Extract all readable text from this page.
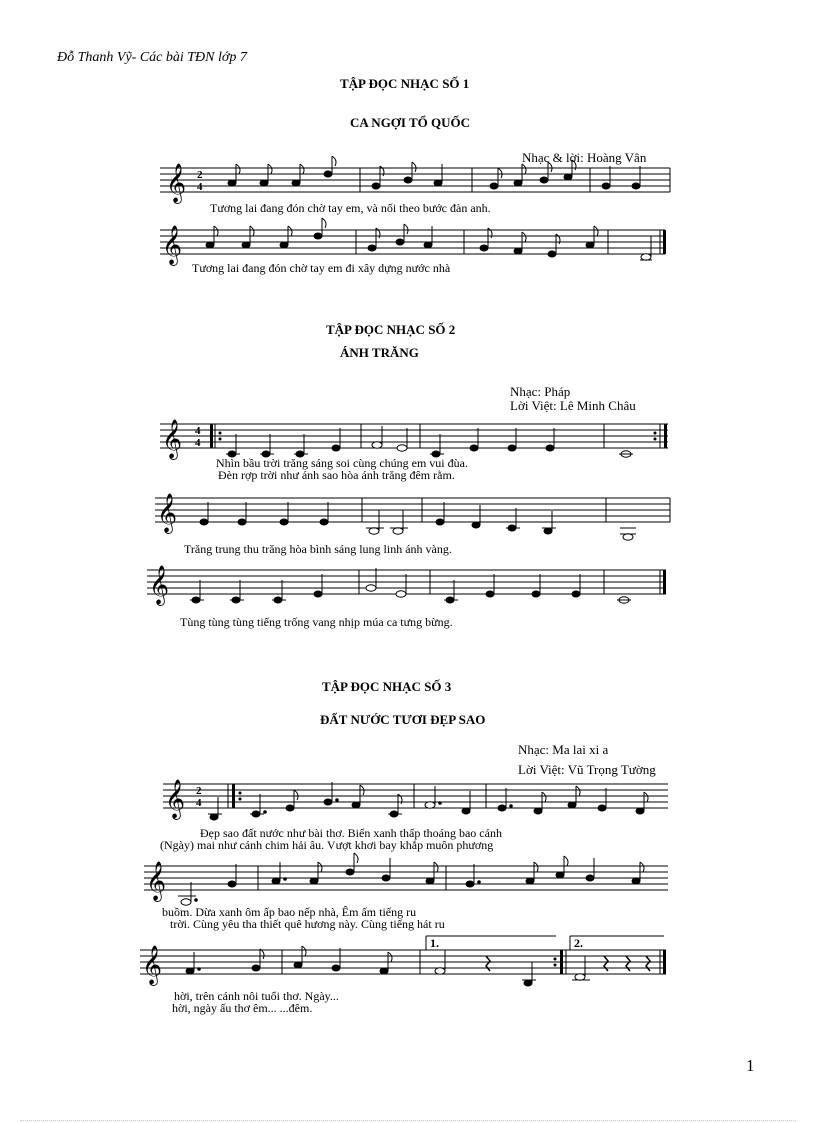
Đỗ Thanh Vỹ- Các bài TĐN lớp 7
TẬP ĐỌC NHẠC SỐ 1
CA NGỢI TỔ QUỐC
Nhạc & lời: Hoàng Vân
𝄞 2
4
Tương lai đang đón chờ tay em, và nối theo bước đàn anh.
𝄞
Tương lai đang đón chờ tay em đi xây dựng nước nhà
TẬP ĐỌC NHẠC SỐ 2
ÁNH TRĂNG
Nhạc: Pháp
Lời Việt: Lê Minh Châu
𝄞 4
4
Nhìn bầu trời trăng sáng soi cùng chúng em vui đùa.
Đèn rợp trời như ánh sao hòa ánh trăng đêm rằm.
𝄞
Trăng trung thu trăng hòa bình sáng lung linh ánh vàng.
𝄞
Tùng tùng tùng tiếng trống vang nhịp múa ca tưng bừng.
TẬP ĐỌC NHẠC SỐ 3
ĐẤT NƯỚC TƯƠI ĐẸP SAO
Nhạc: Ma lai xi a
Lời Việt: Vũ Trọng Tường
𝄞 2
4
Đẹp sao đất nước như bài thơ. Biển xanh thấp thoáng bao cánh
(Ngày) mai như cánh chim hải âu. Vượt khơi bay khắp muôn phương
𝄞
buồm. Dừa xanh ôm ấp bao nếp nhà, Êm ấm tiếng ru
trời. Cùng yêu tha thiết quê hương này. Cùng tiếng hát ru
𝄞
1.	2.
hời, trên cánh nôi tuổi thơ. Ngày...
hời, ngày ấu thơ êm... ...đêm.
1
